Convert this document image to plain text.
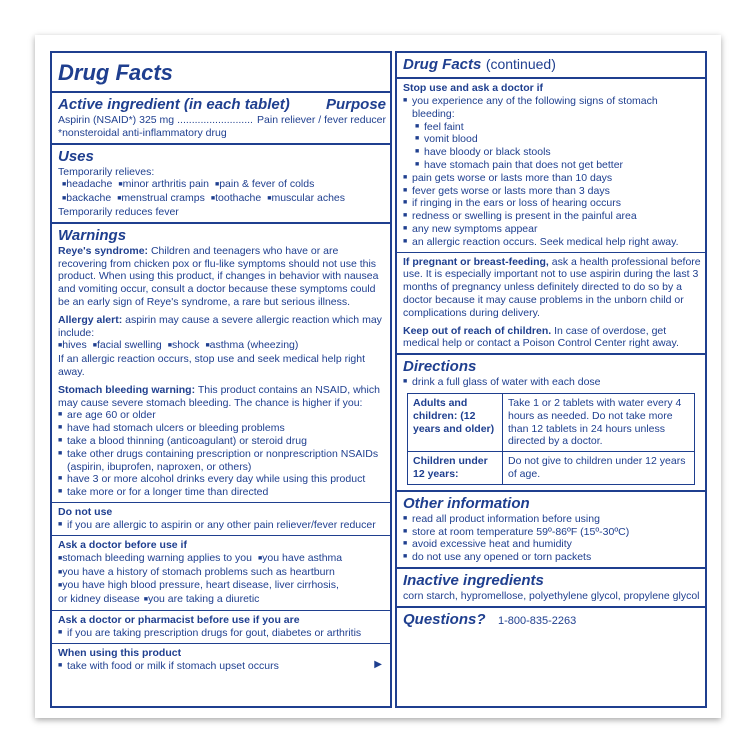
Drug Facts
Active ingredient (in each tablet) Purpose
Aspirin (NSAID*) 325 mg .......................... Pain reliever / fever reducer

*nonsteroidal anti-inflammatory drug

Uses

Temporarily relieves:

■ headache ■ minor arthritis pain ■ pain & fever of colds
■ backache ■ menstrual cramps ■ toothache ■ muscular aches

Temporarily reduces fever

Warnings

Reye's syndrome: Children and teenagers who have or are recovering from chicken pox or flu-like symptoms should not use this product. When using this product, if changes in behavior with nausea and vomiting occur, consult a doctor because these symptoms could be an early sign of Reye's syndrome, a rare but serious illness.

Allergy alert: aspirin may cause a severe allergic reaction which may include:

■ hives ■ facial swelling ■ shock ■ asthma (wheezing)

If an allergic reaction occurs, stop use and seek medical help right away.

Stomach bleeding warning: This product contains an NSAID, which may cause severe stomach bleeding. The chance is higher if you:

■ are age 60 or older
■ have had stomach ulcers or bleeding problems
■ take a blood thinning (anticoagulant) or steroid drug
■ take other drugs containing prescription or nonprescription NSAIDs (aspirin, ibuprofen, naproxen, or others)
■ have 3 or more alcohol drinks every day while using this product
■ take more or for a longer time than directed
Do not use
■ if you are allergic to aspirin or any other pain reliever/fever reducer
Ask a doctor before use if
■ stomach bleeding warning applies to you ■ you have asthma
■ you have a history of stomach problems such as heartburn
■ you have high blood pressure, heart disease, liver cirrhosis,
or kidney disease ■ you are taking a diuretic
Ask a doctor or pharmacist before use if you are
■ if you are taking prescription drugs for gout, diabetes or arthritis
When using this product
■ take with food or milk if stomach upset occurs	▶
Drug Facts (continued)
Stop use and ask a doctor if
■ you experience any of the following signs of stomach bleeding:
■ feel faint
■ vomit blood
■ have bloody or black stools
■ have stomach pain that does not get better
■ pain gets worse or lasts more than 10 days
■ fever gets worse or lasts more than 3 days
■ if ringing in the ears or loss of hearing occurs
■ redness or swelling is present in the painful area
■ any new symptoms appear
■ an allergic reaction occurs. Seek medical help right away.

If pregnant or breast-feeding, ask a health professional before use. It is especially important not to use aspirin during the last 3 months of pregnancy unless definitely directed to do so by a doctor because it may cause problems in the unborn child or complications during delivery.

Keep out of reach of children. In case of overdose, get medical help or contact a Poison Control Center right away.

Directions
■ drink a full glass of water with each dose
Adults and children: (12 years and older)	Take 1 or 2 tablets with water every 4 hours as needed. Do not take more than 12 tablets in 24 hours unless directed by a doctor.
Children under 12 years:	Do not give to children under 12 years of age.
Other information
■ read all product information before using
■ store at room temperature 59º-86ºF (15º-30ºC)
■ avoid excessive heat and humidity
■ do not use any opened or torn packets
Inactive ingredients

corn starch, hypromellose, polyethylene glycol, propylene glycol

Questions? 1-800-835-2263
